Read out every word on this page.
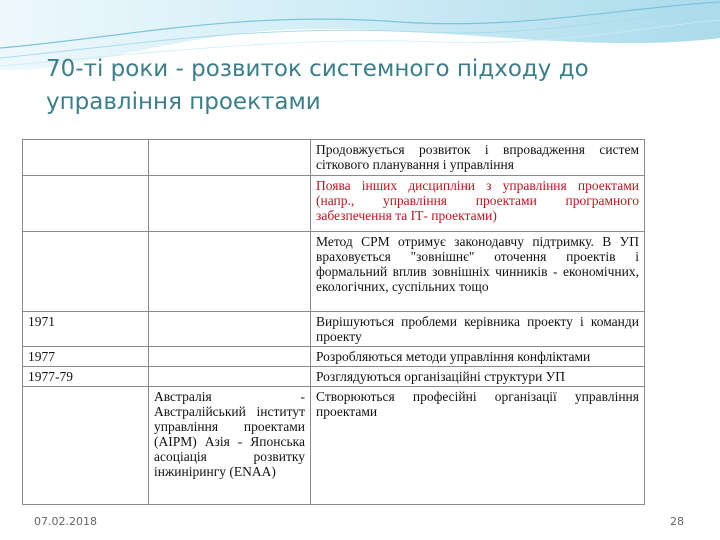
70-ті роки - розвиток системного підходу до управління проектами
		Продовжується розвиток і впровадження систем сіткового планування і управління
		Поява інших дисципліни з управління проектами (напр., управління проектами програмного забезпечення та ІТ- проектами)
		Метод CPM отримує законодавчу підтримку. В УП враховується "зовнішнє" оточення проектів і формальний вплив зовнішніх чинників - економічних, екологічних, суспільних тощо
1971		Вирішуються проблеми керівника проекту і команди проекту
1977		Розробляються методи управління конфліктами
1977-79		Розглядуються організаційні структури УП
	Австралія - Австралійський інститут управління проектами (AIPM) Азія - Японська асоціація розвитку інжинірингу (ENAA)	Створюються професійні організації управління проектами
07.02.2018	28
